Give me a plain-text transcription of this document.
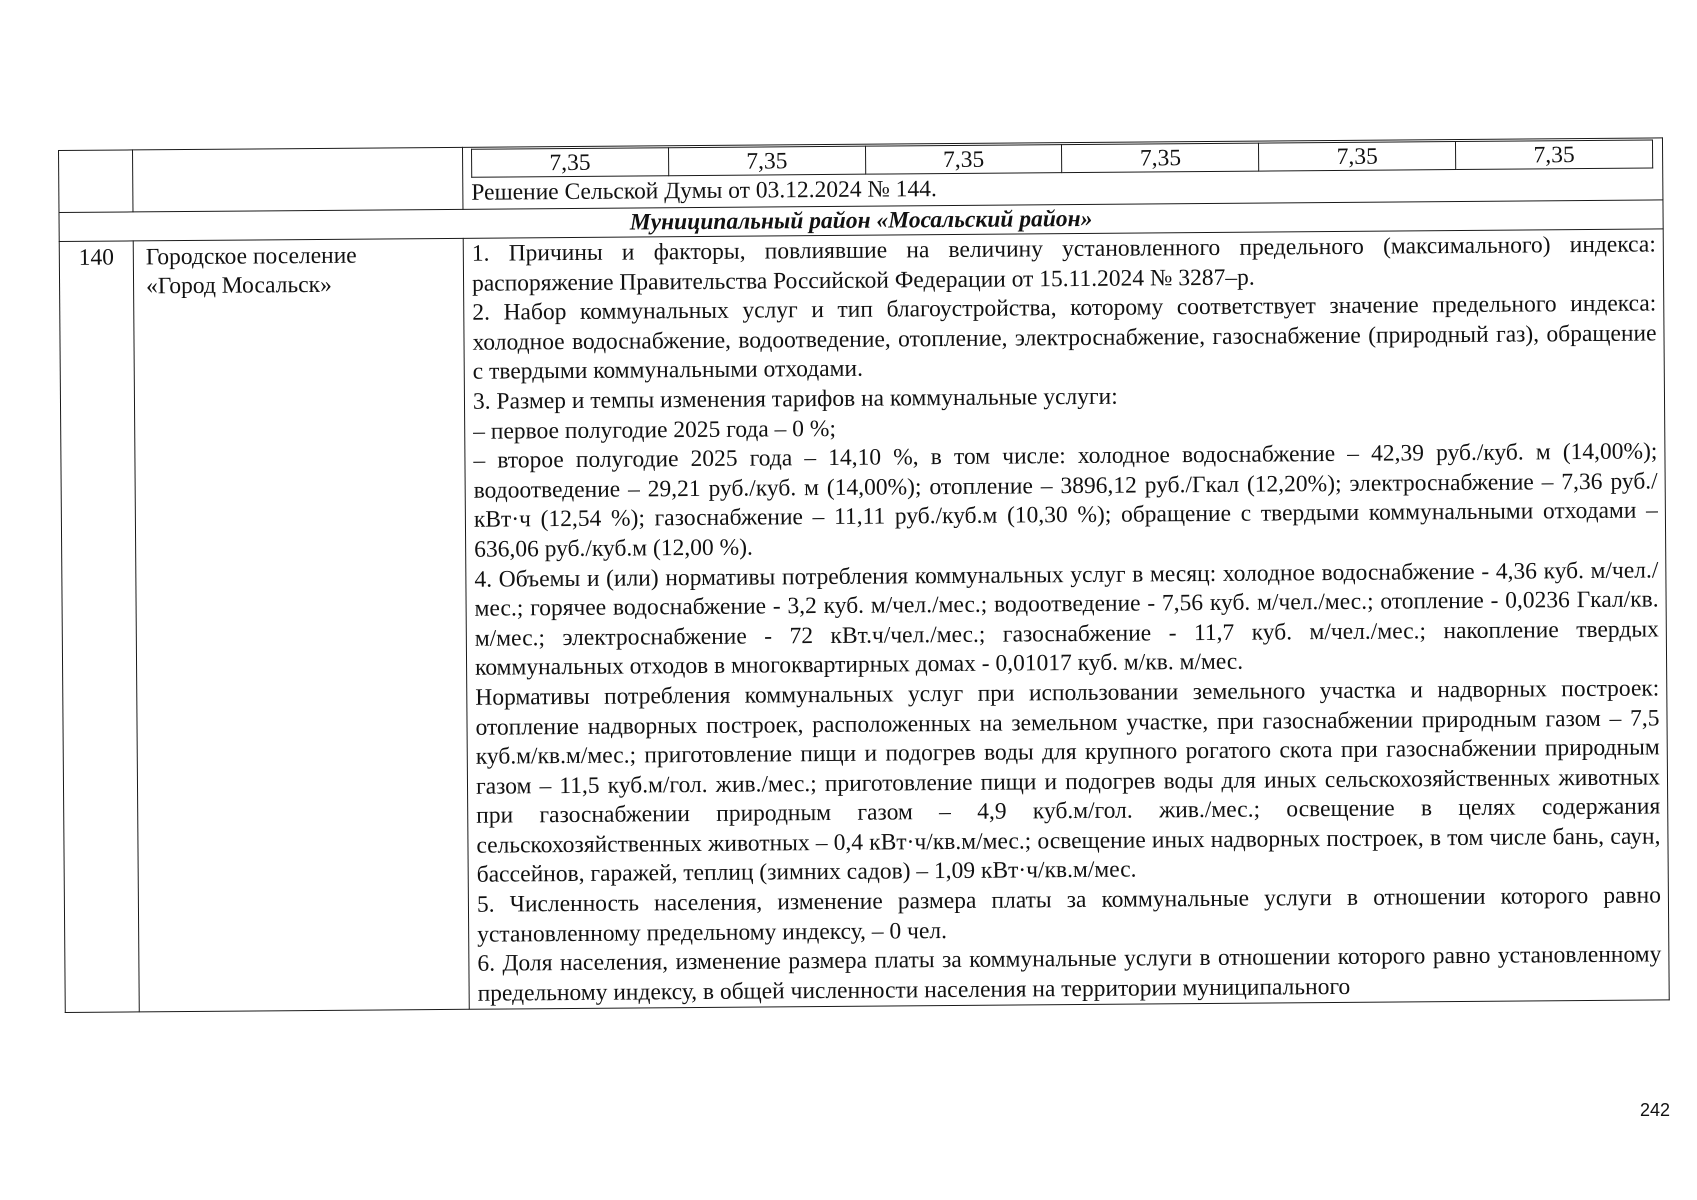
7,35	7,35	7,35	7,35	7,35	7,35
Решение Сельской Думы от 03.12.2024 № 144.

Муниципальный район «Мосальский район»
140	Городское поселение
«Город Мосальск»

1. Причины и факторы, повлиявшие на величину установленного предельного (максимального) индекса: распоряжение Правительства Российской Федерации от 15.11.2024 № 3287–р.

2. Набор коммунальных услуг и тип благоустройства, которому соответствует значение предельного индекса: холодное водоснабжение, водоотведение, отопление, электроснабжение, газоснабжение (природный газ), обращение с твердыми коммунальными отходами.

3. Размер и темпы изменения тарифов на коммунальные услуги:

– первое полугодие 2025 года – 0 %;

– второе полугодие 2025 года – 14,10 %, в том числе: холодное водоснабжение – 42,39 руб./куб. м (14,00%); водоотведение – 29,21 руб./куб. м (14,00%); отопление – 3896,12 руб./Гкал (12,20%); электроснабжение – 7,36 руб./кВт·ч (12,54 %); газоснабжение – 11,11 руб./куб.м (10,30 %); обращение с твердыми коммунальными отходами – 636,06 руб./куб.м (12,00 %).

4. Объемы и (или) нормативы потребления коммунальных услуг в месяц: холодное водоснабжение - 4,36 куб. м/чел./мес.; горячее водоснабжение - 3,2 куб. м/чел./мес.; водоотведение - 7,56 куб. м/чел./мес.; отопление - 0,0236 Гкал/кв. м/мес.; электроснабжение - 72 кВт.ч/чел./мес.; газоснабжение - 11,7 куб. м/чел./мес.; накопление твердых коммунальных отходов в многоквартирных домах - 0,01017 куб. м/кв. м/мес.

Нормативы потребления коммунальных услуг при использовании земельного участка и надворных построек: отопление надворных построек, расположенных на земельном участке, при газоснабжении природным газом – 7,5 куб.м/кв.м/мес.; приготовление пищи и подогрев воды для крупного рогатого скота при газоснабжении природным газом – 11,5 куб.м/гол. жив./мес.; приготовление пищи и подогрев воды для иных сельскохозяйственных животных при газоснабжении природным газом – 4,9 куб.м/гол. жив./мес.; освещение в целях содержания сельскохозяйственных животных – 0,4 кВт·ч/кв.м/мес.; освещение иных надворных построек, в том числе бань, саун, бассейнов, гаражей, теплиц (зимних садов) – 1,09 кВт·ч/кв.м/мес.

5. Численность населения, изменение размера платы за коммунальные услуги в отношении которого равно установленному предельному индексу, – 0 чел.

6. Доля населения, изменение размера платы за коммунальные услуги в отношении которого равно установленному предельному индексу, в общей численности населения на территории муниципального

242
